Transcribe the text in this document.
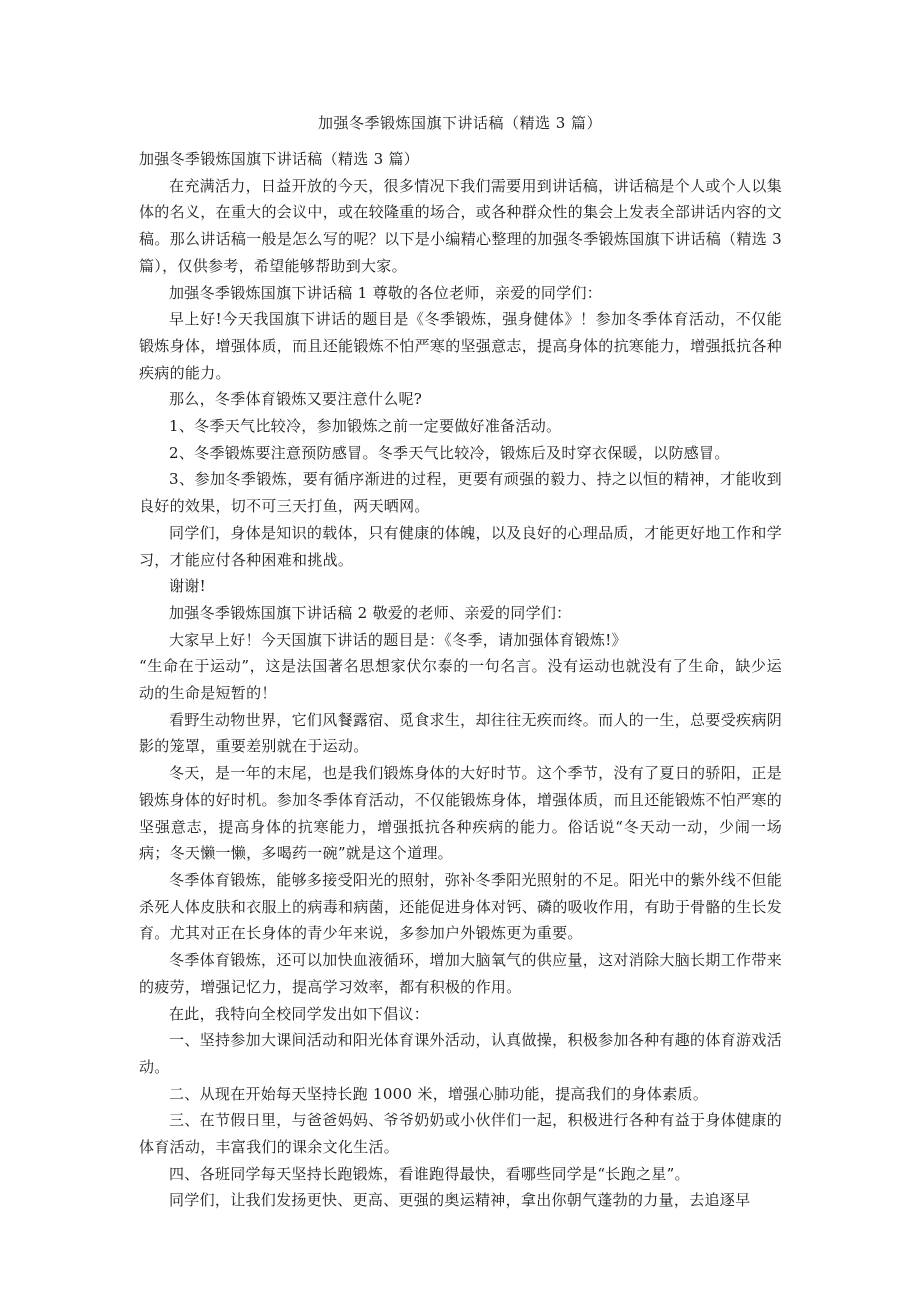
加强冬季锻炼国旗下讲话稿（精选 3 篇）

加强冬季锻炼国旗下讲话稿（精选 3 篇）

在充满活力，日益开放的今天，很多情况下我们需要用到讲话稿，讲话稿是个人或个人以集体的名义，在重大的会议中，或在较隆重的场合，或各种群众性的集会上发表全部讲话内容的文稿。那么讲话稿一般是怎么写的呢？以下是小编精心整理的加强冬季锻炼国旗下讲话稿（精选 3 篇），仅供参考，希望能够帮助到大家。

加强冬季锻炼国旗下讲话稿 1 尊敬的各位老师，亲爱的同学们：

早上好!今天我国旗下讲话的题目是《冬季锻炼，强身健体》！参加冬季体育活动，不仅能锻炼身体，增强体质，而且还能锻炼不怕严寒的坚强意志，提高身体的抗寒能力，增强抵抗各种疾病的能力。

那么，冬季体育锻炼又要注意什么呢?

1、冬季天气比较冷，参加锻炼之前一定要做好准备活动。

2、冬季锻炼要注意预防感冒。冬季天气比较冷，锻炼后及时穿衣保暖，以防感冒。

3、参加冬季锻炼，要有循序渐进的过程，更要有顽强的毅力、持之以恒的精神，才能收到良好的效果，切不可三天打鱼，两天晒网。

同学们，身体是知识的载体，只有健康的体魄，以及良好的心理品质，才能更好地工作和学习，才能应付各种困难和挑战。

谢谢!

加强冬季锻炼国旗下讲话稿 2 敬爱的老师、亲爱的同学们：

大家早上好！今天国旗下讲话的题目是：《冬季，请加强体育锻炼!》

“生命在于运动”，这是法国著名思想家伏尔泰的一句名言。没有运动也就没有了生命，缺少运动的生命是短暂的！

看野生动物世界，它们风餐露宿、觅食求生，却往往无疾而终。而人的一生，总要受疾病阴影的笼罩，重要差别就在于运动。

冬天，是一年的末尾，也是我们锻炼身体的大好时节。这个季节，没有了夏日的骄阳，正是锻炼身体的好时机。参加冬季体育活动，不仅能锻炼身体，增强体质，而且还能锻炼不怕严寒的坚强意志，提高身体的抗寒能力，增强抵抗各种疾病的能力。俗话说“冬天动一动，少闹一场病；冬天懒一懒，多喝药一碗”就是这个道理。

冬季体育锻炼，能够多接受阳光的照射，弥补冬季阳光照射的不足。阳光中的紫外线不但能杀死人体皮肤和衣服上的病毒和病菌，还能促进身体对钙、磷的吸收作用，有助于骨骼的生长发育。尤其对正在长身体的青少年来说，多参加户外锻炼更为重要。

冬季体育锻炼，还可以加快血液循环，增加大脑氧气的供应量，这对消除大脑长期工作带来的疲劳，增强记忆力，提高学习效率，都有积极的作用。

在此，我特向全校同学发出如下倡议：

一、坚持参加大课间活动和阳光体育课外活动，认真做操，积极参加各种有趣的体育游戏活动。

二、从现在开始每天坚持长跑 1000 米，增强心肺功能，提高我们的身体素质。

三、在节假日里，与爸爸妈妈、爷爷奶奶或小伙伴们一起，积极进行各种有益于身体健康的体育活动，丰富我们的课余文化生活。

四、各班同学每天坚持长跑锻炼，看谁跑得最快，看哪些同学是“长跑之星”。

同学们，让我们发扬更快、更高、更强的奥运精神，拿出你朝气蓬勃的力量，去追逐早
